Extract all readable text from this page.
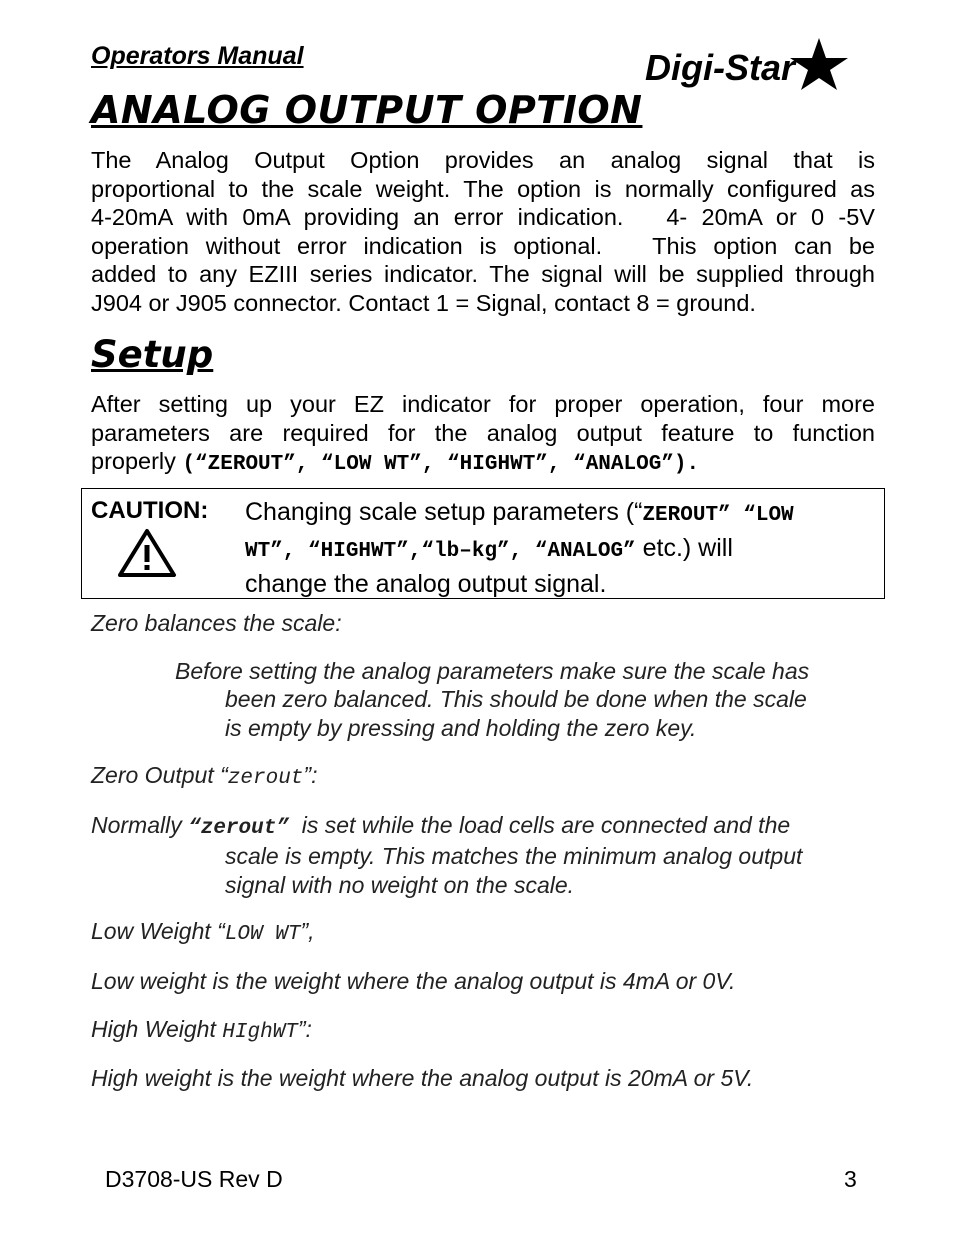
Operators Manual	Digi-Star
ANALOG OUTPUT OPTION
The Analog Output Option provides an analog signal that is
proportional to the scale weight. The option is normally configured as
4-20mA with 0mA providing an error indication.   4- 20mA or 0 -5V
operation without error indication is optional.   This option can be
added to any EZIII series indicator. The signal will be supplied through
J904 or J905 connector. Contact 1 = Signal, contact 8 = ground.
Setup
After setting up your EZ indicator for proper operation, four more
parameters are required for the analog output feature to function
properly (“ZEROUT”, “LOW WT”, “HIGHWT”, “ANALOG”).
CAUTION: Changing scale setup parameters (“ZEROUT” “LOW
WT”, “HIGHWT”,“lb–kg”, “ANALOG” etc.) will
change the analog output signal.
Zero balances the scale:
Before setting the analog parameters make sure the scale has
been zero balanced. This should be done when the scale
is empty by pressing and holding the zero key.
Zero Output “zerout”:
Normally “zerout”  is set while the load cells are connected and the
scale is empty. This matches the minimum analog output
signal with no weight on the scale.
Low Weight “LOW WT”,
Low weight is the weight where the analog output is 4mA or 0V.
High Weight HIghWT”:
High weight is the weight where the analog output is 20mA or 5V.
D3708-US Rev D	3
